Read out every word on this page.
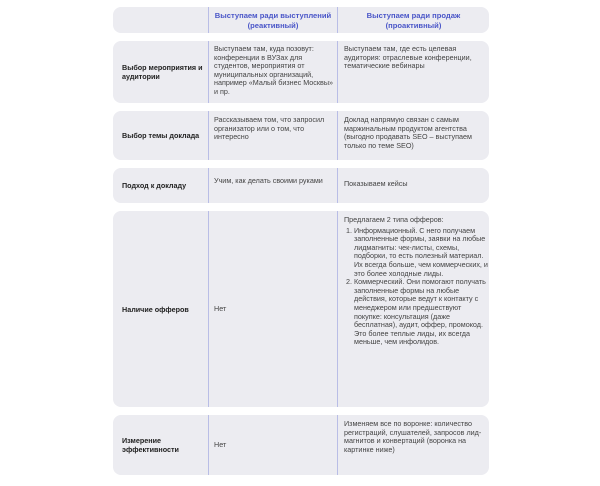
Выступаем ради выступлений (реактивный)
Выступаем ради продаж (проактивный)
Выбор мероприятия и аудитории
Выступаем там, куда позовут: конференции в ВУЗах для студентов, мероприятия от муниципальных организаций, например «Малый бизнес Москвы» и пр.
Выступаем там, где есть целевая аудитория: отраслевые конференции, тематические вебинары
Выбор темы доклада
Рассказываем том, что запросил организатор или о том, что интересно
Доклад напрямую связан с самым маржинальным продуктом агентства (выгодно продавать SEO – выступаем только по теме SEO)
Подход к докладу
Учим, как делать своими руками	Показываем кейсы
Наличие офферов	Нет
Предлагаем 2 типа офферов:
1. Информационный. С него получаем заполненные формы, заявки на любые лидмагниты: чек-листы, схемы, подборки, то есть полезный материал. Их всегда больше, чем коммерческих, и это более холодные лиды.
2. Коммерческий. Они помогают получать заполненные формы на любые действия, которые ведут к контакту с менеджером или предшествуют покупке: консультация (даже бесплатная), аудит, оффер, промокод. Это более теплые лиды, их всегда меньше, чем инфолидов.
Измерение эффективности
Нет
Изменяем все по воронке: количество регистраций, слушателей, запросов лид-магнитов и конвертаций (воронка на картинке ниже)
